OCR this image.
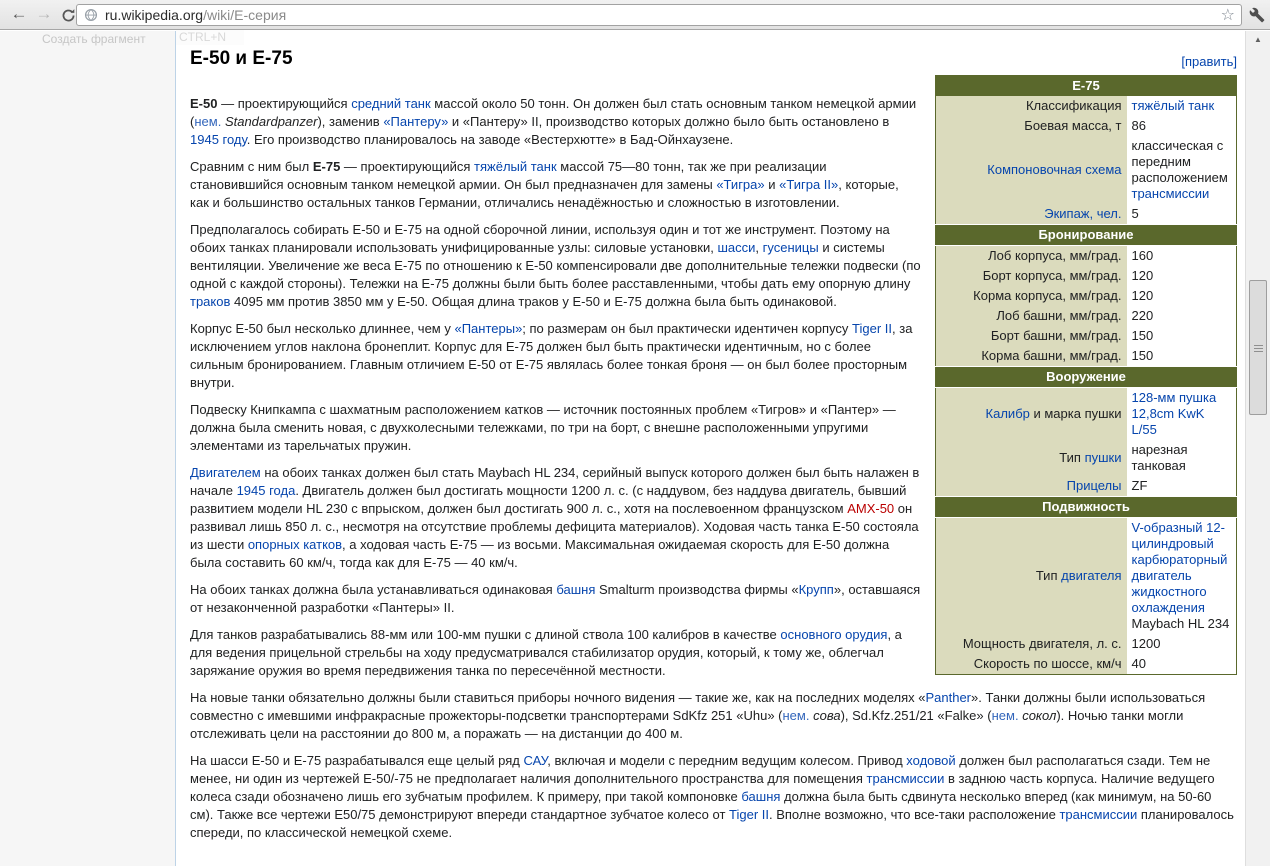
← →	ru.wikipedia.org/wiki/Е-серия	☆
Создать фрагмент	CTRL+N
Е-50 и Е-75	[править]
Е-75	
Классификация	тяжёлый танк
Боевая масса, т	86
Компоновочная схема	классическая с передним расположением трансмиссии
Экипаж, чел.	5
Бронирование	
Лоб корпуса, мм/град.	160
Борт корпуса, мм/град.	120
Корма корпуса, мм/град.	120
Лоб башни, мм/град.	220
Борт башни, мм/град.	150
Корма башни, мм/град.	150
Вооружение	
Калибр и марка пушки	128-мм пушка 12,8cm KwK L/55
Тип пушки	нарезная танковая
Прицелы	ZF
Подвижность	
Тип двигателя	V-образный 12-цилиндровый карбюраторный двигатель жидкостного охлаждения Maybach HL 234
Мощность двигателя, л. с.	1200
Скорость по шоссе, км/ч	40

Е-50 — проектирующийся средний танк массой около 50 тонн. Он должен был стать основным танком немецкой армии (нем. Standardpanzer), заменив «Пантеру» и «Пантеру» II, производство которых должно было быть остановлено в 1945 году. Его производство планировалось на заводе «Вестерхютте» в Бад-Ойнхаузене.

Сравним с ним был Е-75 — проектирующийся тяжёлый танк массой 75—80 тонн, так же при реализации становившийся основным танком немецкой армии. Он был предназначен для замены «Тигра» и «Тигра II», которые, как и большинство остальных танков Германии, отличались ненадёжностью и сложностью в изготовлении.

Предполагалось собирать Е-50 и Е-75 на одной сборочной линии, используя один и тот же инструмент. Поэтому на обоих танках планировали использовать унифицированные узлы: силовые установки, шасси, гусеницы и системы вентиляции. Увеличение же веса Е-75 по отношению к Е-50 компенсировали две дополнительные тележки подвески (по одной с каждой стороны). Тележки на Е-75 должны были быть более расставленными, чтобы дать ему опорную длину траков 4095 мм против 3850 мм у Е-50. Общая длина траков у Е-50 и Е-75 должна была быть одинаковой.

Корпус Е-50 был несколько длиннее, чем у «Пантеры»; по размерам он был практически идентичен корпусу Tiger II, за исключением углов наклона бронеплит. Корпус для Е-75 должен был быть практически идентичным, но с более сильным бронированием. Главным отличием Е-50 от Е-75 являлась более тонкая броня — он был более просторным внутри.

Подвеску Книпкампа с шахматным расположением катков — источник постоянных проблем «Тигров» и «Пантер» — должна была сменить новая, с двухколесными тележками, по три на борт, с внешне расположенными упругими элементами из тарельчатых пружин.

Двигателем на обоих танках должен был стать Maybach HL 234, серийный выпуск которого должен был быть налажен в начале 1945 года. Двигатель должен был достигать мощности 1200 л. с. (с наддувом, без наддува двигатель, бывший развитием модели HL 230 с впрыском, должен был достигать 900 л. с., хотя на послевоенном французском АМХ-50 он развивал лишь 850 л. с., несмотря на отсутствие проблемы дефицита материалов). Ходовая часть танка Е-50 состояла из шести опорных катков, а ходовая часть Е-75 — из восьми. Максимальная ожидаемая скорость для Е-50 должна была составить 60 км/ч, тогда как для Е-75 — 40 км/ч.

На обоих танках должна была устанавливаться одинаковая башня Smalturm производства фирмы «Крупп», оставшаяся от незаконченной разработки «Пантеры» II.

Для танков разрабатывались 88-мм или 100-мм пушки с длиной ствола 100 калибров в качестве основного орудия, а для ведения прицельной стрельбы на ходу предусматривался стабилизатор орудия, который, к тому же, облегчал заряжание оружия во время передвижения танка по пересечённой местности.

На новые танки обязательно должны были ставиться приборы ночного видения — такие же, как на последних моделях «Panther». Танки должны были использоваться совместно с имевшими инфракрасные прожекторы-подсветки транспортерами SdKfz 251 «Uhu» (нем. сова), Sd.Kfz.251/21 «Falke» (нем. сокол). Ночью танки могли отслеживать цели на расстоянии до 800 м, а поражать — на дистанции до 400 м.

На шасси Е-50 и Е-75 разрабатывался еще целый ряд САУ, включая и модели с передним ведущим колесом. Привод ходовой должен был располагаться сзади. Тем не менее, ни один из чертежей Е-50/-75 не предполагает наличия дополнительного пространства для помещения трансмиссии в заднюю часть корпуса. Наличие ведущего колеса сзади обозначено лишь его зубчатым профилем. К примеру, при такой компоновке башня должна была быть сдвинута несколько вперед (как минимум, на 50-60 см). Также все чертежи Е50/75 демонстрируют впереди стандартное зубчатое колесо от Tiger II. Вполне возможно, что все-таки расположение трансмиссии планировалось спереди, по классической немецкой схеме.

▲
